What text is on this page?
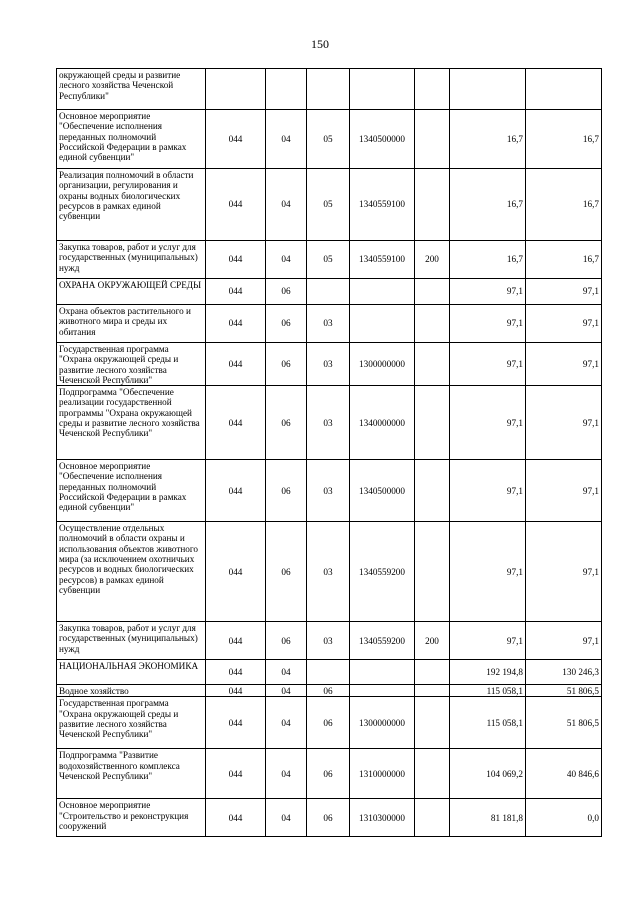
150
окружающей среды и развитие лесного хозяйства Чеченской Республики"							
Основное мероприятие "Обеспечение исполнения переданных полномочий Российской Федерации в рамках единой субвенции"	044	04	05	1340500000		16,7	16,7
Реализация полномочий в области организации, регулирования и охраны водных биологических ресурсов в рамках единой субвенции	044	04	05	1340559100		16,7	16,7
Закупка товаров, работ и услуг для государственных (муниципальных) нужд	044	04	05	1340559100	200	16,7	16,7
ОХРАНА ОКРУЖАЮЩЕЙ СРЕДЫ	044	06				97,1	97,1
Охрана объектов растительного и животного мира и среды их обитания	044	06	03			97,1	97,1
Государственная программа "Охрана окружающей среды и развитие лесного хозяйства Чеченской Республики"	044	06	03	1300000000		97,1	97,1
Подпрограмма "Обеспечение реализации государственной программы "Охрана окружающей среды и развитие лесного хозяйства Чеченской Республики"	044	06	03	1340000000		97,1	97,1
Основное мероприятие "Обеспечение исполнения переданных полномочий Российской Федерации в рамках единой субвенции"	044	06	03	1340500000		97,1	97,1
Осуществление отдельных полномочий в области охраны и использования объектов животного мира (за исключением охотничьих ресурсов и водных биологических ресурсов) в рамках единой субвенции	044	06	03	1340559200		97,1	97,1
Закупка товаров, работ и услуг для государственных (муниципальных) нужд	044	06	03	1340559200	200	97,1	97,1
НАЦИОНАЛЬНАЯ ЭКОНОМИКА	044	04				192 194,8	130 246,3
Водное хозяйство	044	04	06			115 058,1	51 806,5
Государственная программа "Охрана окружающей среды и развитие лесного хозяйства Чеченской Республики"	044	04	06	1300000000		115 058,1	51 806,5
Подпрограмма "Развитие водохозяйственного комплекса Чеченской Республики"	044	04	06	1310000000		104 069,2	40 846,6
Основное мероприятие "Строительство и реконструкция сооружений	044	04	06	1310300000		81 181,8	0,0
